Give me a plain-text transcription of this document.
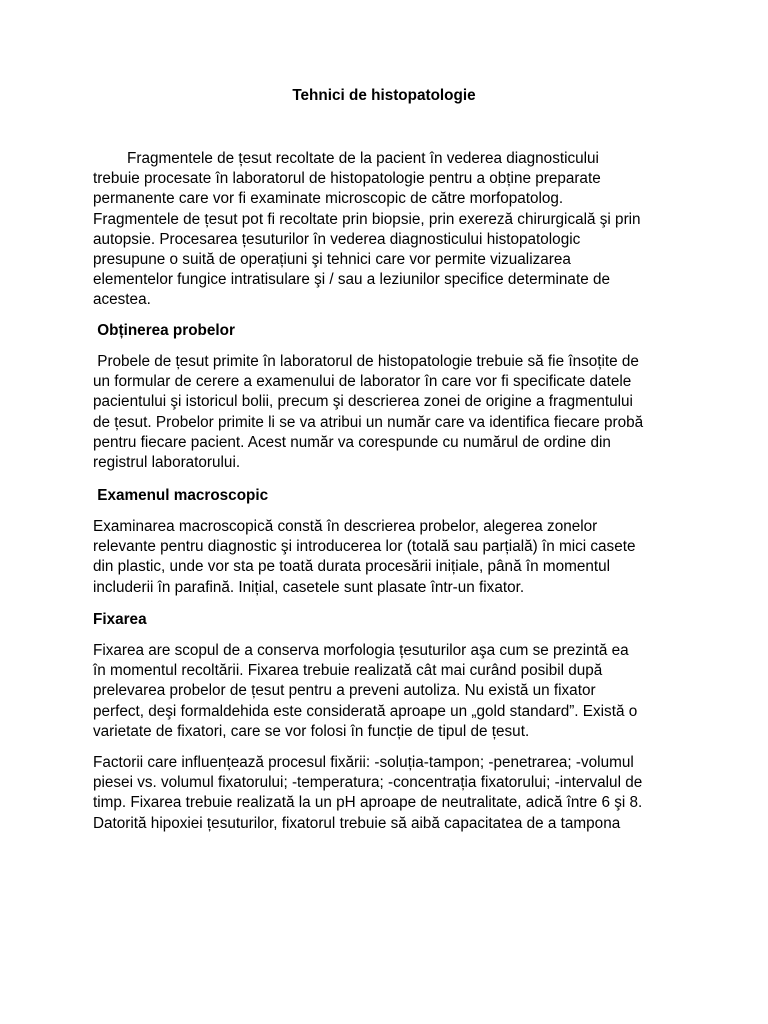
Tehnici de histopatologie

Fragmentele de țesut recoltate de la pacient în vederea diagnosticului
trebuie procesate în laboratorul de histopatologie pentru a obține preparate
permanente care vor fi examinate microscopic de către morfopatolog.
Fragmentele de țesut pot fi recoltate prin biopsie, prin exereză chirurgicală şi prin
autopsie. Procesarea țesuturilor în vederea diagnosticului histopatologic
presupune o suită de operațiuni şi tehnici care vor permite vizualizarea
elementelor fungice intratisulare şi / sau a leziunilor specifice determinate de
acestea.

Obținerea probelor

Probele de țesut primite în laboratorul de histopatologie trebuie să fie însoțite de
un formular de cerere a examenului de laborator în care vor fi specificate datele
pacientului şi istoricul bolii, precum şi descrierea zonei de origine a fragmentului
de țesut. Probelor primite li se va atribui un număr care va identifica fiecare probă
pentru fiecare pacient. Acest număr va corespunde cu numărul de ordine din
registrul laboratorului.

Examenul macroscopic

Examinarea macroscopică constă în descrierea probelor, alegerea zonelor
relevante pentru diagnostic şi introducerea lor (totală sau parțială) în mici casete
din plastic, unde vor sta pe toată durata procesării inițiale, până în momentul
includerii în parafină. Inițial, casetele sunt plasate într-un fixator.

Fixarea

Fixarea are scopul de a conserva morfologia țesuturilor aşa cum se prezintă ea
în momentul recoltării. Fixarea trebuie realizată cât mai curând posibil după
prelevarea probelor de țesut pentru a preveni autoliza. Nu există un fixator
perfect, deşi formaldehida este considerată aproape un „gold standard”. Există o
varietate de fixatori, care se vor folosi în funcție de tipul de țesut.

Factorii care influențează procesul fixării: -soluția-tampon; -penetrarea; -volumul
piesei vs. volumul fixatorului; -temperatura; -concentrația fixatorului; -intervalul de
timp. Fixarea trebuie realizată la un pH aproape de neutralitate, adică între 6 şi 8.
Datorită hipoxiei țesuturilor, fixatorul trebuie să aibă capacitatea de a tampona
